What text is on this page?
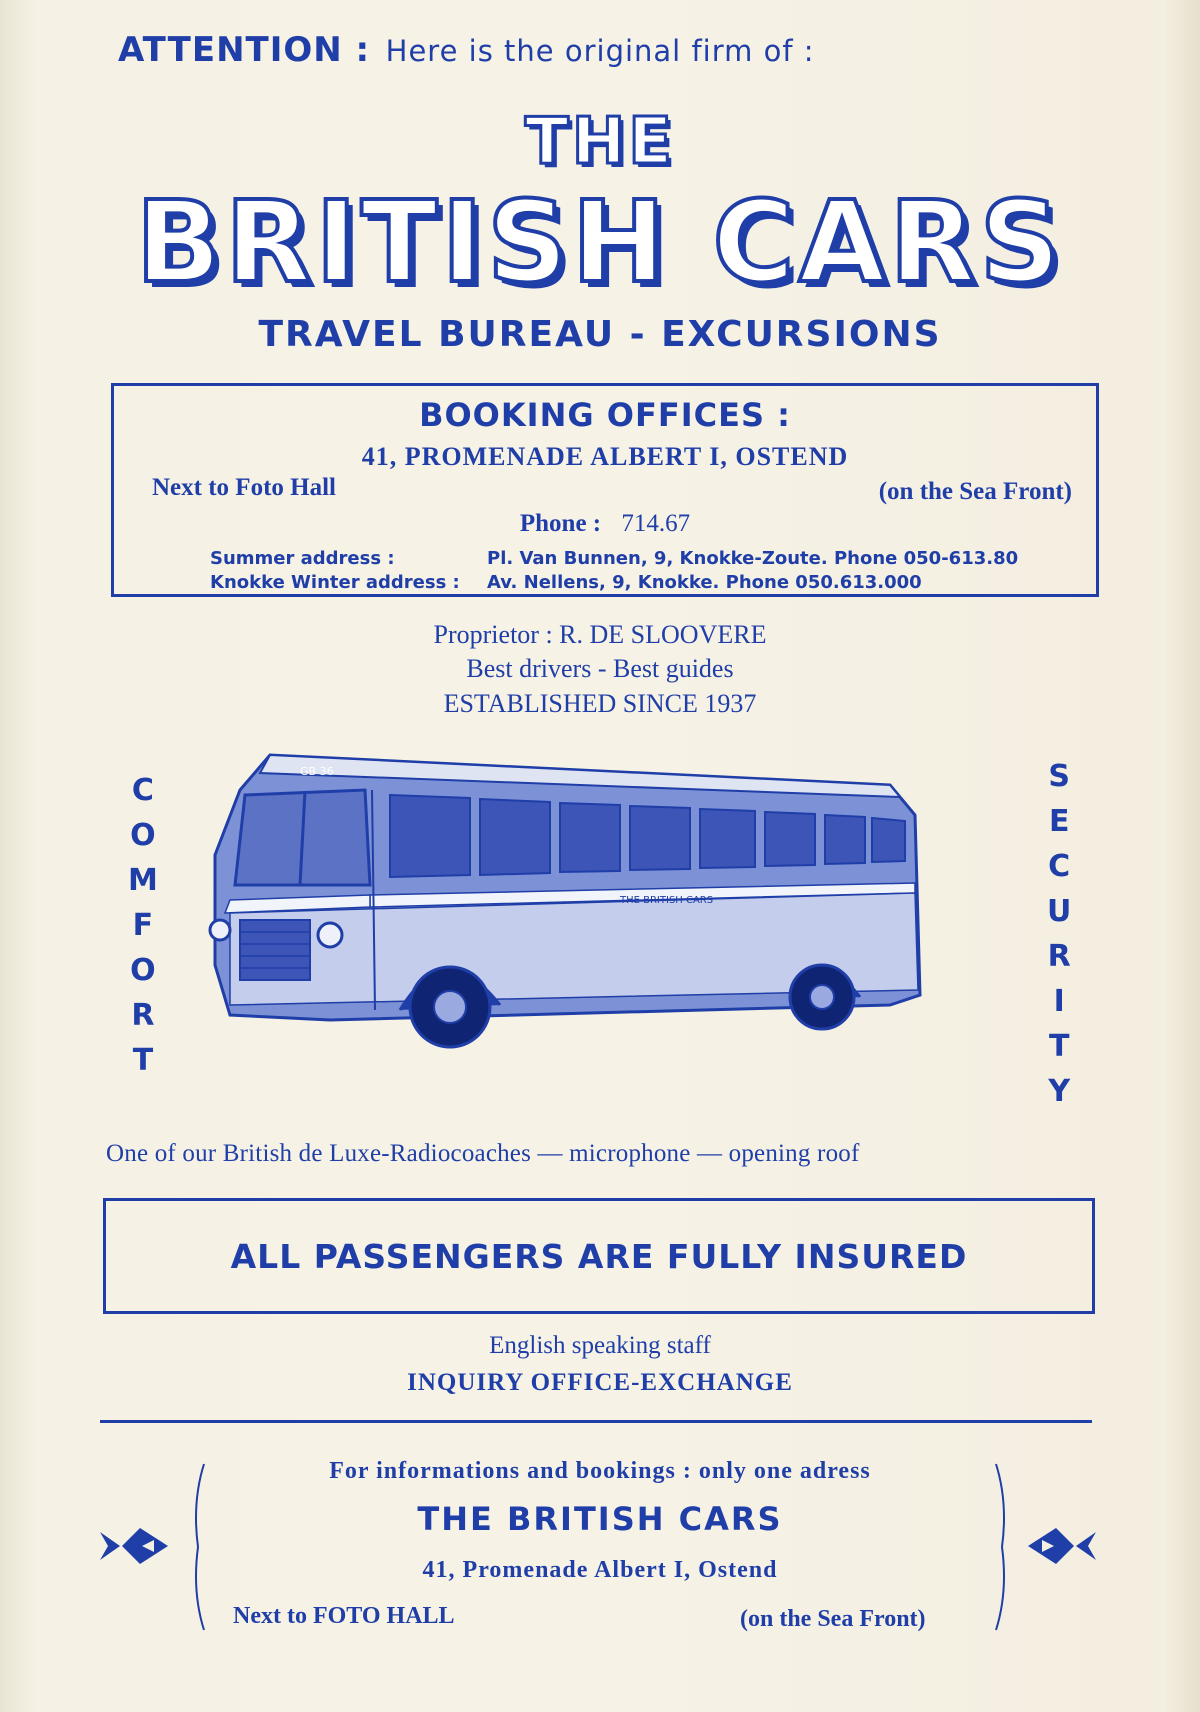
ATTENTION : Here is the original firm of :
THE
BRITISH CARS
TRAVEL BUREAU - EXCURSIONS
BOOKING OFFICES :
41, PROMENADE ALBERT I, OSTEND
Next to Foto Hall	(on the Sea Front)
Phone : 714.67
Summer address :	Pl. Van Bunnen, 9, Knokke-Zoute. Phone 050-613.80
Knokke Winter address : Av. Nellens, 9, Knokke. Phone 050.613.000
Proprietor : R. DE SLOOVERE
Best drivers - Best guides
ESTABLISHED SINCE 1937
C
O
M
F
O
R
T
S
E
C
U
R
I
T
Y
GB 36
THE BRITISH CARS
One of our British de Luxe-Radiocoaches — microphone — opening roof
ALL PASSENGERS ARE FULLY INSURED
English speaking staff
INQUIRY OFFICE-EXCHANGE
For informations and bookings : only one adress
THE BRITISH CARS
41, Promenade Albert I, Ostend
Next to FOTO HALL	(on the Sea Front)
